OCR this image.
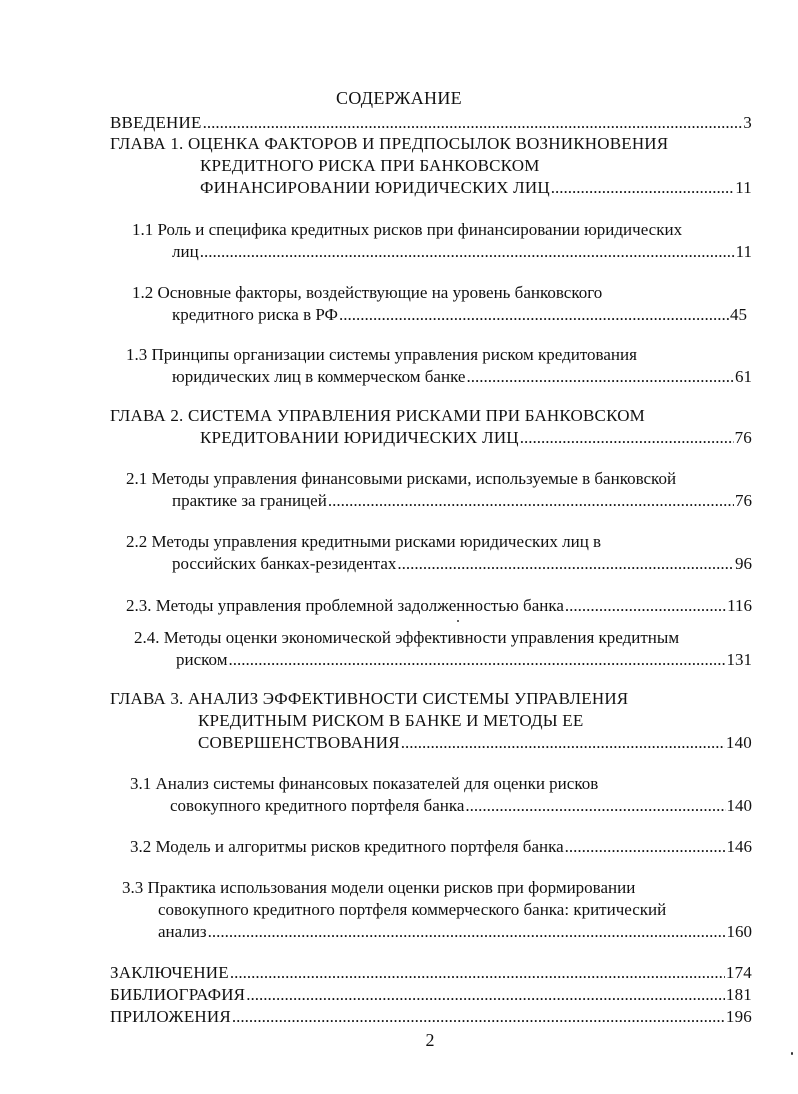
СОДЕРЖАНИЕ
ВВЕДЕНИЕ .....	3
ГЛАВА 1. ОЦЕНКА ФАКТОРОВ И ПРЕДПОСЫЛОК ВОЗНИКНОВЕНИЯ
КРЕДИТНОГО РИСКА ПРИ БАНКОВСКОМ
ФИНАНСИРОВАНИИ ЮРИДИЧЕСКИХ ЛИЦ .....	11
1.1 Роль и специфика кредитных рисков при финансировании юридических
лиц .....	11
1.2 Основные факторы, воздействующие на уровень банковского
кредитного риска в РФ .....	45
1.3 Принципы организации системы управления риском кредитования
юридических лиц в коммерческом банке .....	61
ГЛАВА 2. СИСТЕМА УПРАВЛЕНИЯ РИСКАМИ ПРИ БАНКОВСКОМ
КРЕДИТОВАНИИ ЮРИДИЧЕСКИХ ЛИЦ .....	76
2.1 Методы управления финансовыми рисками, используемые в банковской
практике за границей .....	76
2.2 Методы управления кредитными рисками юридических лиц в
российских банках-резидентах .....	96
2.3. Методы управления проблемной задолженностью банка .....	116
2.4. Методы оценки экономической эффективности управления кредитным
риском .....	131
ГЛАВА 3. АНАЛИЗ ЭФФЕКТИВНОСТИ СИСТЕМЫ УПРАВЛЕНИЯ
КРЕДИТНЫМ РИСКОМ В БАНКЕ И МЕТОДЫ ЕЕ
СОВЕРШЕНСТВОВАНИЯ .....	140
3.1 Анализ системы финансовых показателей для оценки рисков
совокупного кредитного портфеля банка .....	140
3.2 Модель и алгоритмы рисков кредитного портфеля банка .....	146
3.3 Практика использования модели оценки рисков при формировании
совокупного кредитного портфеля коммерческого банка: критический
анализ .....	160
ЗАКЛЮЧЕНИЕ .....	174
БИБЛИОГРАФИЯ .....	181
ПРИЛОЖЕНИЯ .....	196
2
